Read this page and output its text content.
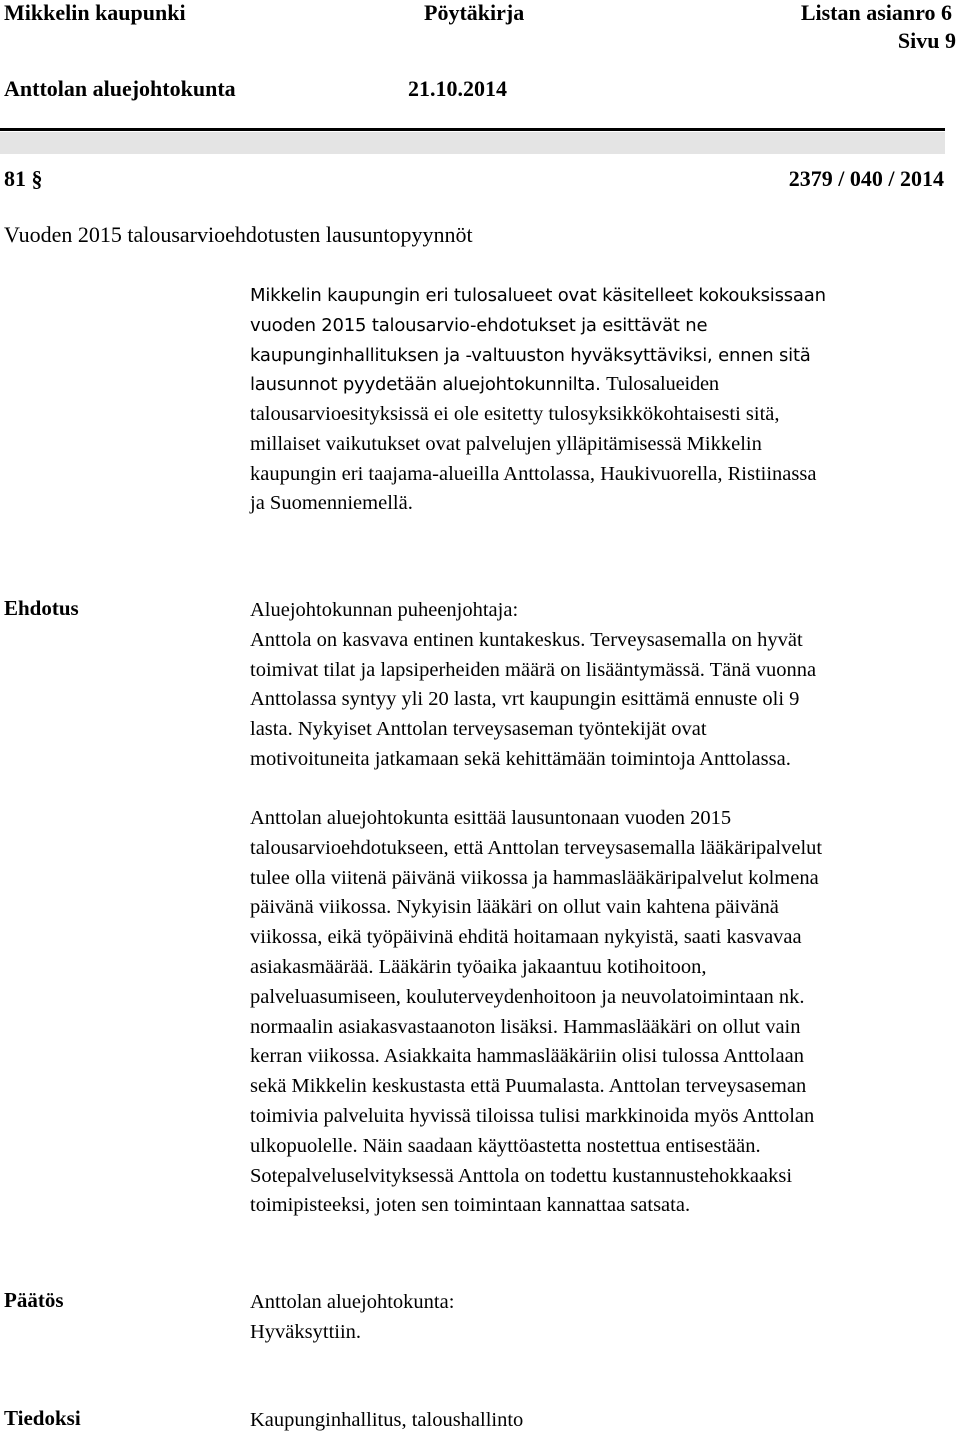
Mikkelin kaupunki	Pöytäkirja	Listan asianro 6
Sivu 9
Anttolan aluejohtokunta	21.10.2014
81 §	2379 / 040 / 2014
Vuoden 2015 talousarvioehdotusten lausuntopyynnöt
Mikkelin kaupungin eri tulosalueet ovat käsitelleet kokouksissaan
vuoden 2015 talousarvio-ehdotukset ja esittävät ne
kaupunginhallituksen ja -valtuuston hyväksyttäviksi, ennen sitä
lausunnot pyydetään aluejohtokunnilta. Tulosalueiden
talousarvioesityksissä ei ole esitetty tulosyksikkökohtaisesti sitä,
millaiset vaikutukset ovat palvelujen ylläpitämisessä Mikkelin
kaupungin eri taajama-alueilla Anttolassa, Haukivuorella, Ristiinassa
ja Suomenniemellä.
Ehdotus	Aluejohtokunnan puheenjohtaja:
Anttola on kasvava entinen kuntakeskus. Terveysasemalla on hyvät
toimivat tilat ja lapsiperheiden määrä on lisääntymässä. Tänä vuonna
Anttolassa syntyy yli 20 lasta, vrt kaupungin esittämä ennuste oli 9
lasta. Nykyiset Anttolan terveysaseman työntekijät ovat
motivoituneita jatkamaan sekä kehittämään toimintoja Anttolassa.
Anttolan aluejohtokunta esittää lausuntonaan vuoden 2015
talousarvioehdotukseen, että Anttolan terveysasemalla lääkäripalvelut
tulee olla viitenä päivänä viikossa ja hammaslääkäripalvelut kolmena
päivänä viikossa. Nykyisin lääkäri on ollut vain kahtena päivänä
viikossa, eikä työpäivinä ehditä hoitamaan nykyistä, saati kasvavaa
asiakasmäärää. Lääkärin työaika jakaantuu kotihoitoon,
palveluasumiseen, kouluterveydenhoitoon ja neuvolatoimintaan nk.
normaalin asiakasvastaanoton lisäksi. Hammaslääkäri on ollut vain
kerran viikossa. Asiakkaita hammaslääkäriin olisi tulossa Anttolaan
sekä Mikkelin keskustasta että Puumalasta. Anttolan terveysaseman
toimivia palveluita hyvissä tiloissa tulisi markkinoida myös Anttolan
ulkopuolelle. Näin saadaan käyttöastetta nostettua entisestään.
Sotepalveluselvityksessä Anttola on todettu kustannustehokkaaksi
toimipisteeksi, joten sen toimintaan kannattaa satsata.
Päätös	Anttolan aluejohtokunta:
Hyväksyttiin.
Tiedoksi	Kaupunginhallitus, taloushallinto
